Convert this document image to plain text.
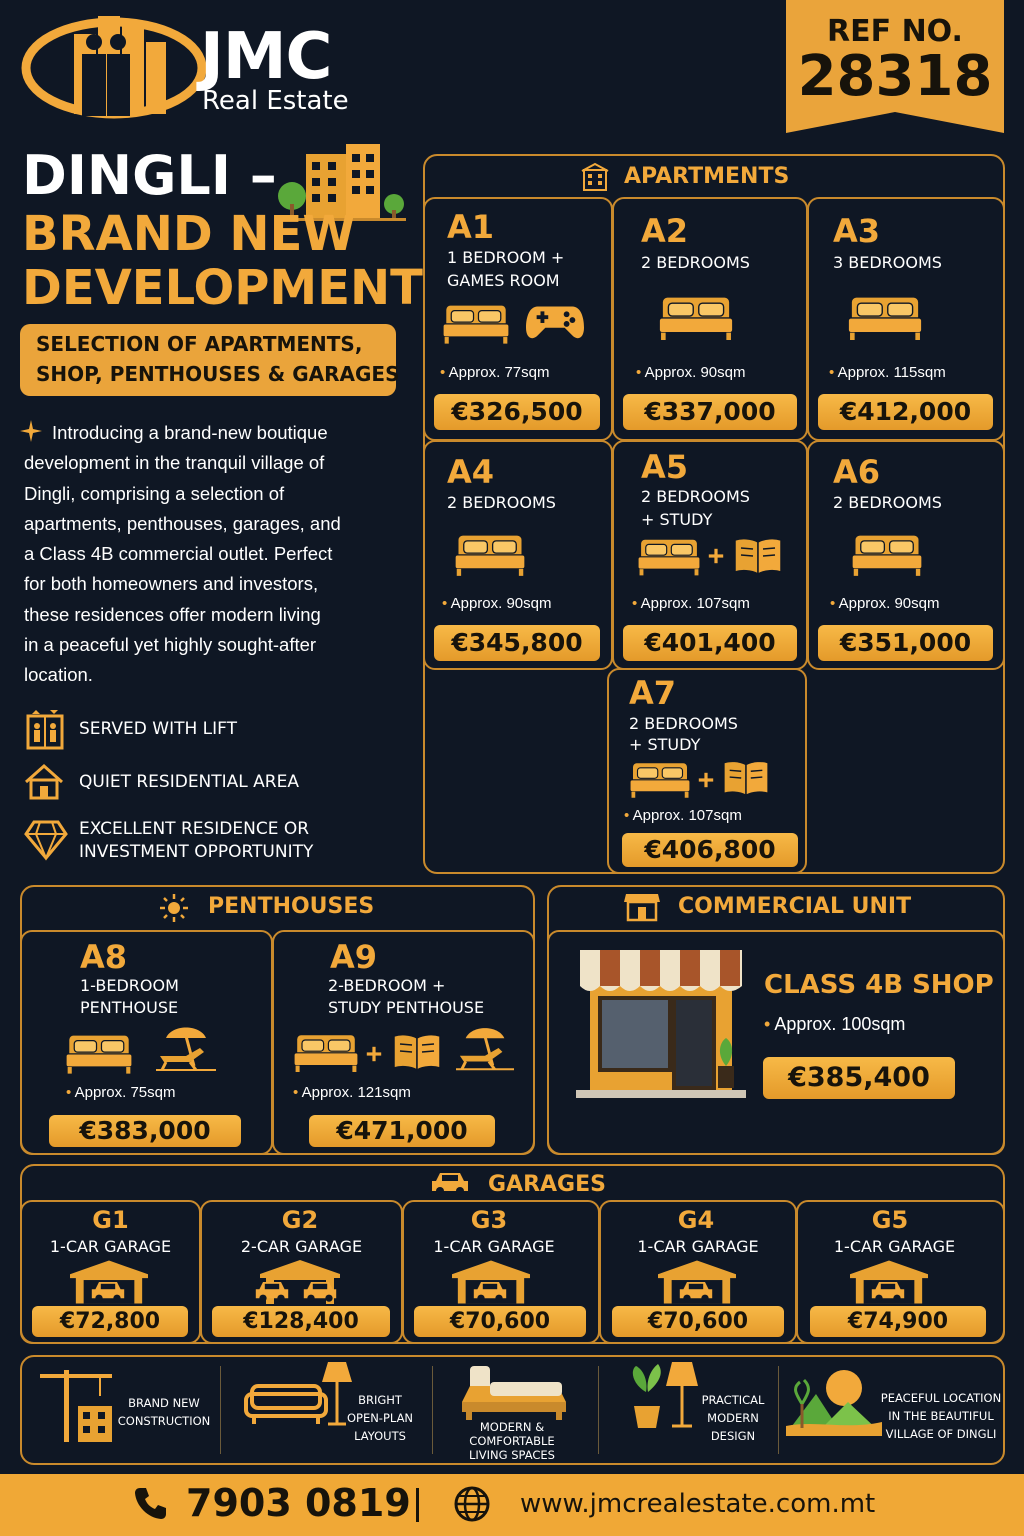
JMC
Real Estate
REF NO.
28318
DINGLI –
BRAND NEW
DEVELOPMENT
SELECTION OF APARTMENTS,
SHOP, PENTHOUSES & GARAGES
Introducing a brand-new boutique
development in the tranquil village of
Dingli, comprising a selection of
apartments, penthouses, garages, and
a Class 4B commercial outlet. Perfect
for both homeowners and investors,
these residences offer modern living
in a peaceful yet highly sought-after
location.
SERVED WITH LIFT
QUIET RESIDENTIAL AREA
EXCELLENT RESIDENCE OR
INVESTMENT OPPORTUNITY
APARTMENTS
A1
1 BEDROOM +
GAMES ROOM
• Approx. 77sqm
€326,500
A2
2 BEDROOMS
• Approx. 90sqm
€337,000
A3
3 BEDROOMS
• Approx. 115sqm
€412,000
A4
2 BEDROOMS
• Approx. 90sqm
€345,800
A5
2 BEDROOMS
+ STUDY
• Approx. 107sqm
€401,400
A6
2 BEDROOMS
• Approx. 90sqm
€351,000
A7
2 BEDROOMS
+ STUDY
• Approx. 107sqm
€406,800
PENTHOUSES
A8
1-BEDROOM
PENTHOUSE
• Approx. 75sqm
€383,000
A9
2-BEDROOM +
STUDY PENTHOUSE
• Approx. 121sqm
€471,000
COMMERCIAL UNIT
CLASS 4B SHOP
• Approx. 100sqm
€385,400
GARAGES
G1
1-CAR GARAGE
€72,800
G2
2-CAR GARAGE
€128,400
G3
1-CAR GARAGE
€70,600
G4
1-CAR GARAGE
€70,600
G5
1-CAR GARAGE
€74,900
BRAND NEW
CONSTRUCTION
BRIGHT
OPEN-PLAN
LAYOUTS
MODERN &
COMFORTABLE
LIVING SPACES
PRACTICAL
MODERN
DESIGN
PEACEFUL LOCATION
IN THE BEAUTIFUL
VILLAGE OF DINGLI
7903 0819	www.jmcrealestate.com.mt
